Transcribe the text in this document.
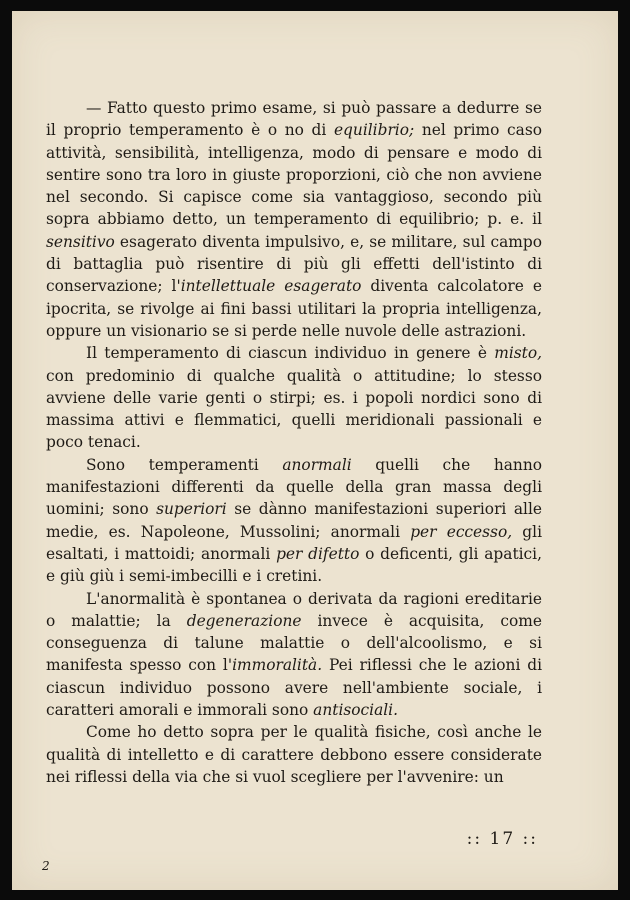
— Fatto questo primo esame, si può passare a dedurre se il proprio temperamento è o no di equilibrio; nel primo caso attività, sensibilità, intelligenza, modo di pensare e modo di sentire sono tra loro in giuste proporzioni, ciò che non avviene nel secondo. Si capisce come sia vantaggioso, secondo più sopra abbiamo detto, un temperamento di equilibrio; p. e. il sensitivo esagerato diventa impulsivo, e, se militare, sul campo di battaglia può risentire di più gli effetti dell'istinto di conservazione; l'intellettuale esagerato diventa calcolatore e ipocrita, se rivolge ai fini bassi utilitari la propria intelligenza, oppure un visionario se si perde nelle nuvole delle astrazioni.

Il temperamento di ciascun individuo in genere è misto, con predominio di qualche qualità o attitudine; lo stesso avviene delle varie genti o stirpi; es. i popoli nordici sono di massima attivi e flemmatici, quelli meridionali passionali e poco tenaci.

Sono temperamenti anormali quelli che hanno manifestazioni differenti da quelle della gran massa degli uomini; sono superiori se dànno manifestazioni superiori alle medie, es. Napoleone, Mussolini; anormali per eccesso, gli esaltati, i mattoidi; anormali per difetto o deficenti, gli apatici, e giù giù i semi-imbecilli e i cretini.

L'anormalità è spontanea o derivata da ragioni ereditarie o malattie; la degenerazione invece è acquisita, come conseguenza di talune malattie o dell'alcoolismo, e si manifesta spesso con l'immoralità. Pei riflessi che le azioni di ciascun individuo possono avere nell'ambiente sociale, i caratteri amorali e immorali sono antisociali.

Come ho detto sopra per le qualità fisiche, così anche le qualità di intelletto e di carattere debbono essere considerate nei riflessi della via che si vuol scegliere per l'avvenire: un

:: 17 ::
2
